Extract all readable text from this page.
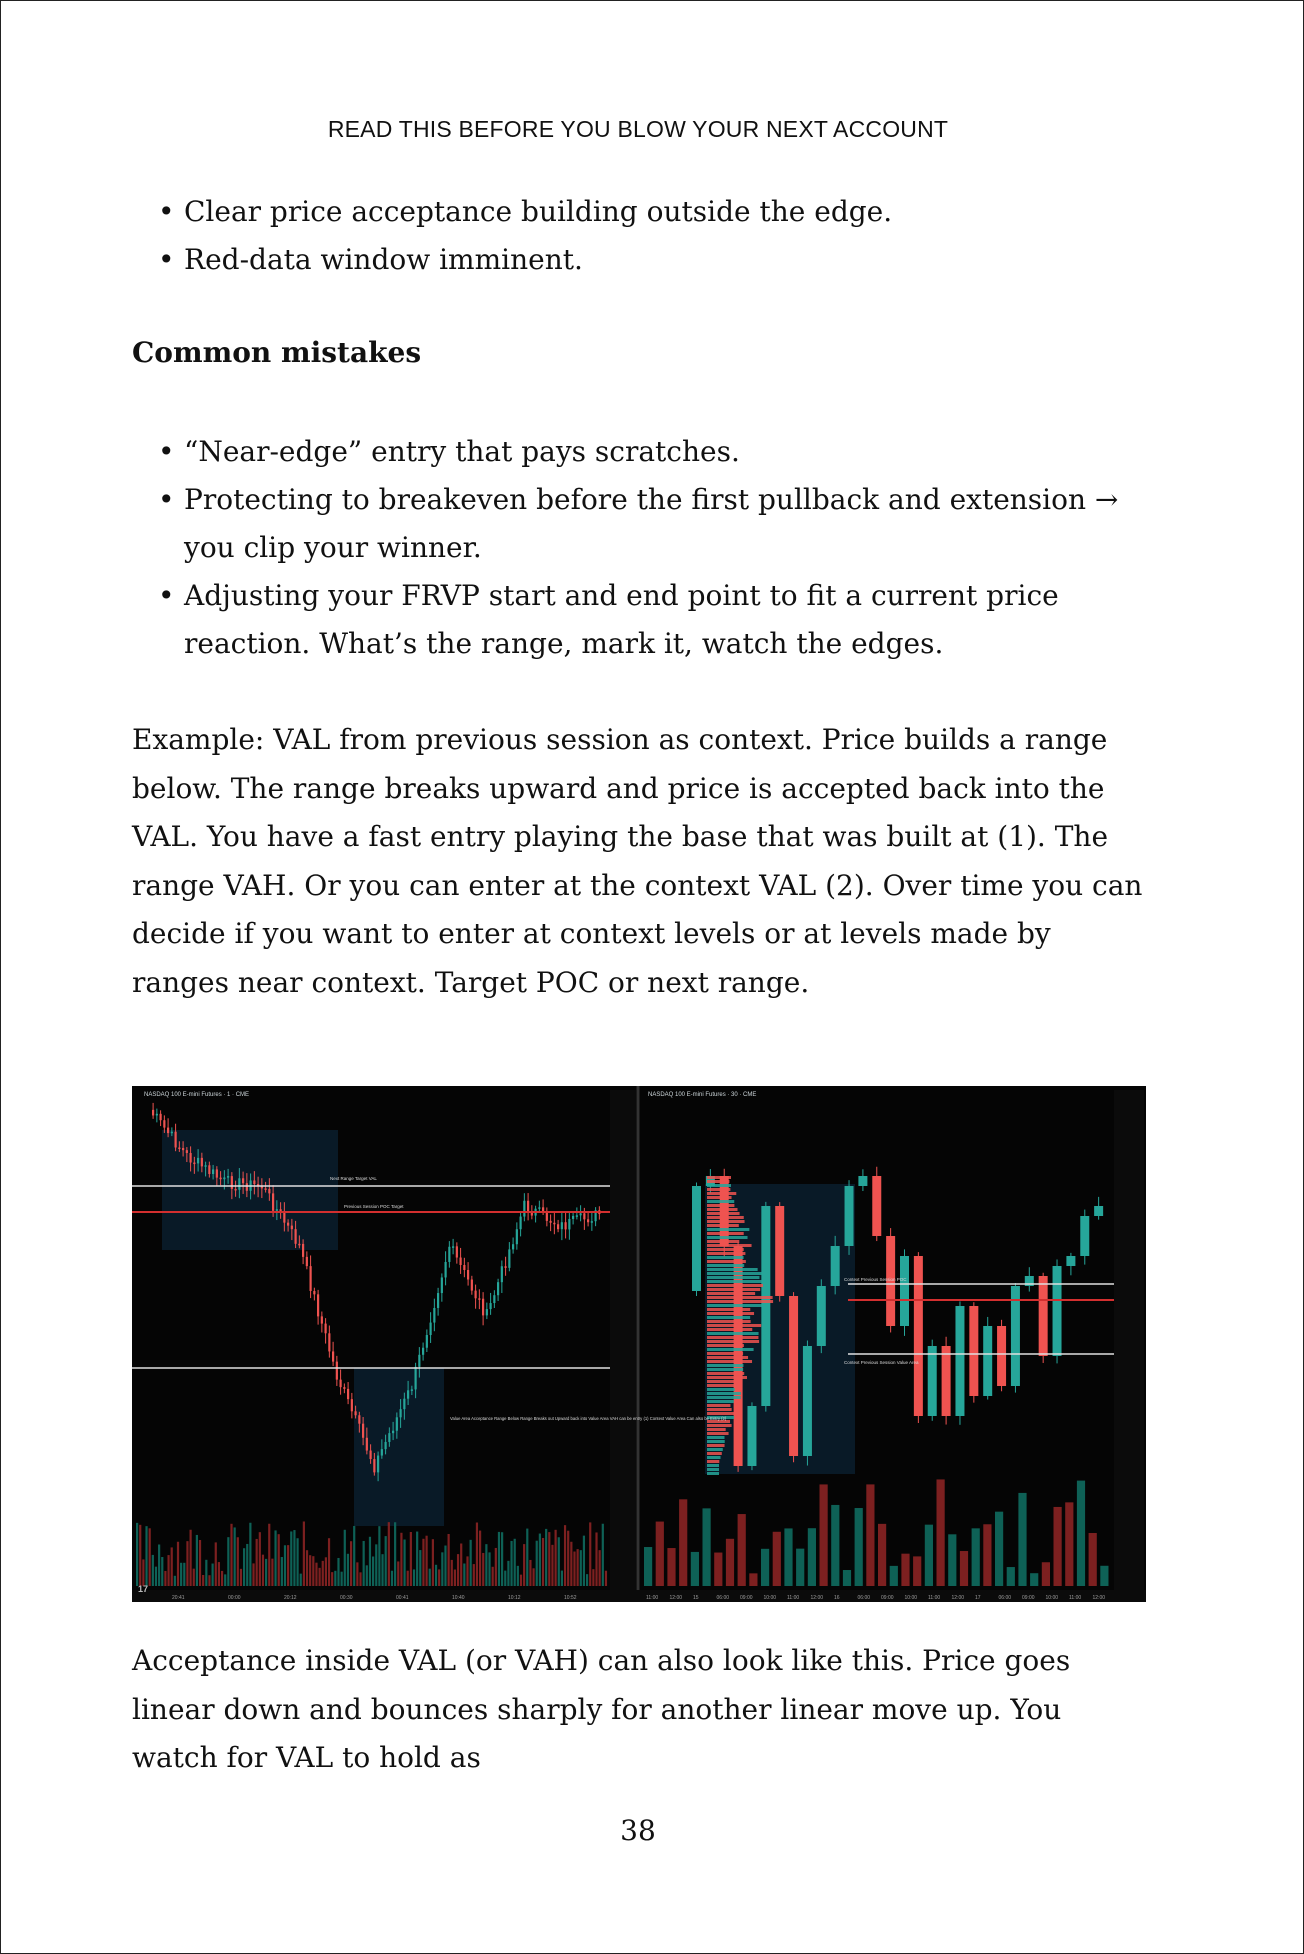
READ THIS BEFORE YOU BLOW YOUR NEXT ACCOUNT
• Clear price acceptance building outside the edge.
• Red-data window imminent.
Common mistakes
• “Near-edge” entry that pays scratches.
• Protecting to breakeven before the first pullback and extension → you clip your winner.
• Adjusting your FRVP start and end point to fit a current price reaction. What’s the range, mark it, watch the edges.

Example: VAL from previous session as context. Price builds a range below. The range breaks upward and price is accepted back into the VAL. You have a fast entry playing the base that was built at (1). The range VAH. Or you can enter at the context VAL (2). Over time you can decide if you want to enter at context levels or at levels made by ranges near context. Target POC or next range.

NASDAQ 100 E-mini Futures · 1 · CME	NASDAQ 100 E-mini Futures · 30 · CME
Next Range Target VAL
Previous Session POC Target
Value Area Acceptance Range Below Range Breaks out Upward back into Value Area VAH can be entry (1) Context Value Area Can also be Entry (2)
Context Previous Session POC
Context Previous Session Value Area
20:41	00:00	20:12	00:30	00:41	10:40	10:12	10:52	11:00 12:00 15	06:00 09:00 10:00 11:00 12:00 16	06:00 09:00 10:00 11:00 12:00 17	06:00 09:00 10:00 11:00 12:00
17

Acceptance inside VAL (or VAH) can also look like this. Price goes linear down and bounces sharply for another linear move up. You watch for VAL to hold as

38
